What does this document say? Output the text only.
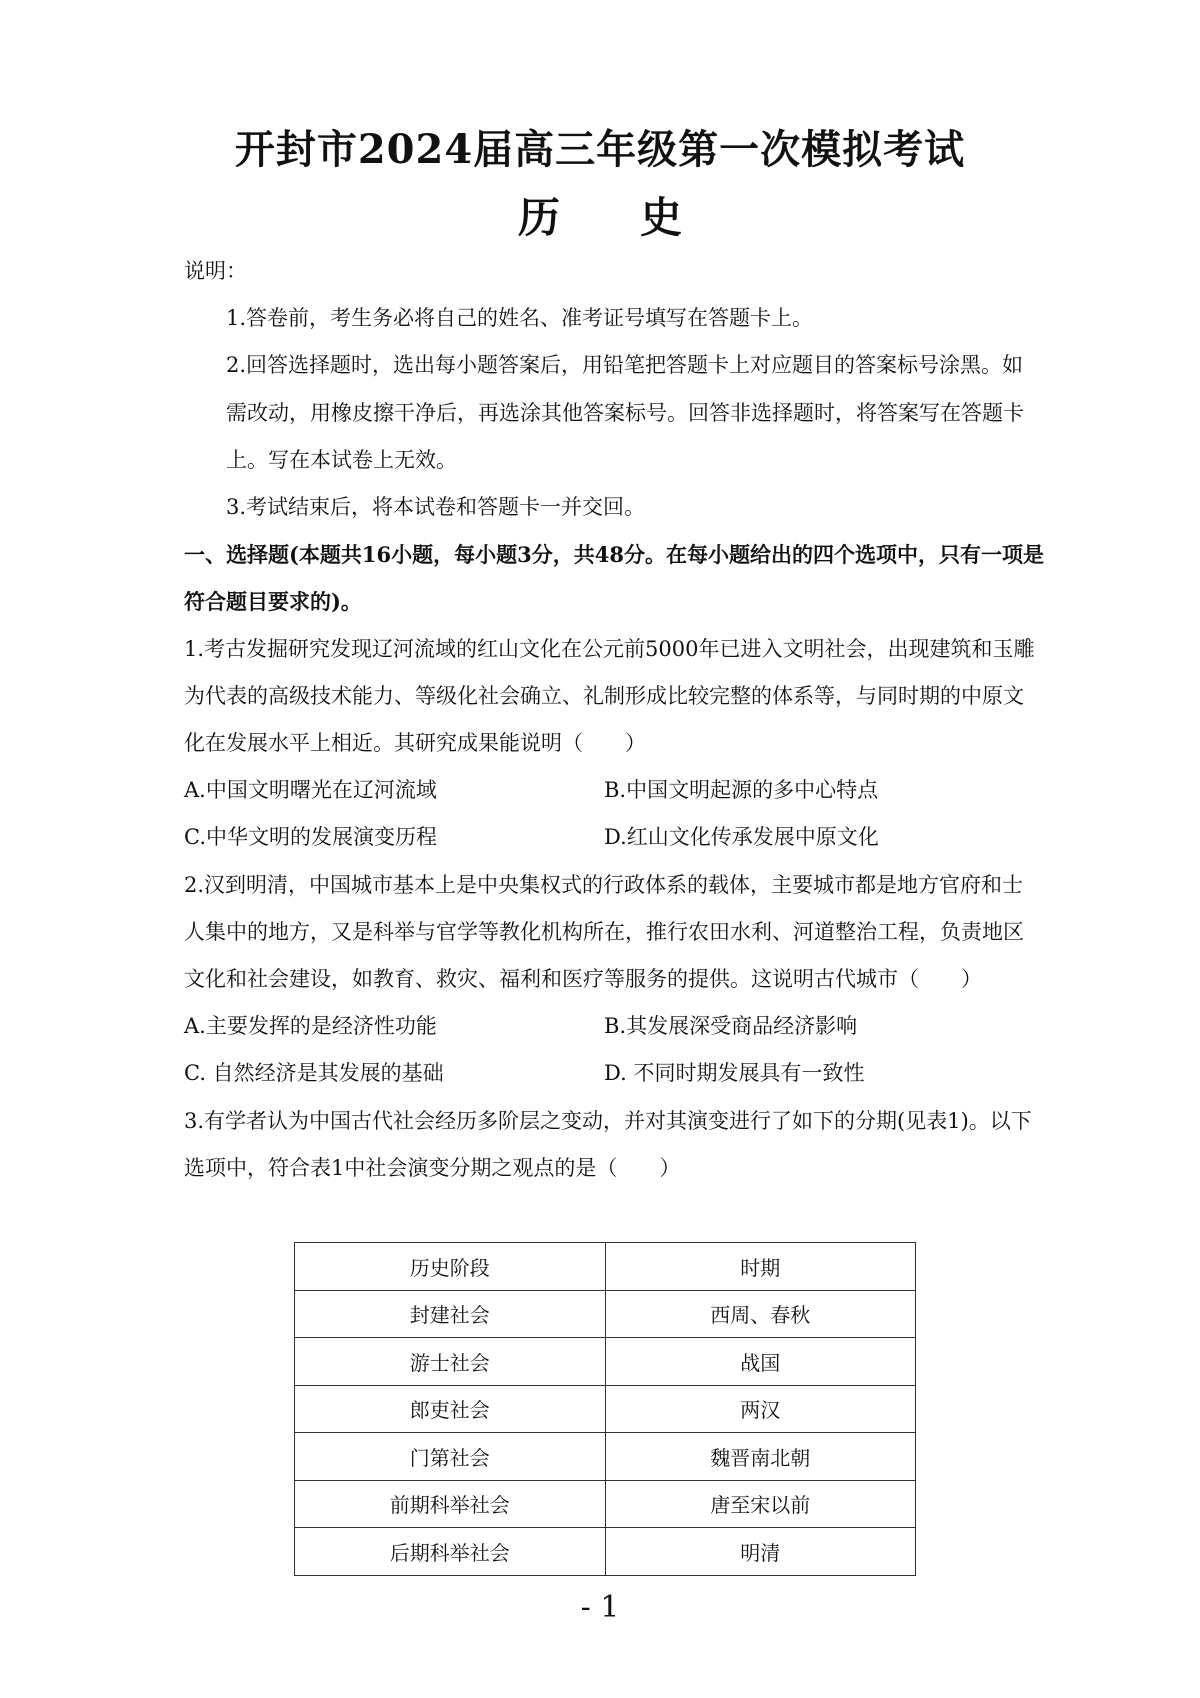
开封市2024届高三年级第一次模拟考试
历 史

说明：

1.答卷前，考生务必将自己的姓名、准考证号填写在答题卡上。

2.回答选择题时，选出每小题答案后，用铅笔把答题卡上对应题目的答案标号涂黑。如需改动，用橡皮擦干净后，再选涂其他答案标号。回答非选择题时，将答案写在答题卡上。写在本试卷上无效。

3.考试结束后，将本试卷和答题卡一并交回。

一、选择题(本题共16小题，每小题3分，共48分。在每小题给出的四个选项中，只有一项是符合题目要求的)。

1.考古发掘研究发现辽河流域的红山文化在公元前5000年已进入文明社会，出现建筑和玉雕为代表的高级技术能力、等级化社会确立、礼制形成比较完整的体系等，与同时期的中原文化在发展水平上相近。其研究成果能说明（　　）

A.中国文明曙光在辽河流域	B.中国文明起源的多中心特点
C.中华文明的发展演变历程	D.红山文化传承发展中原文化

2.汉到明清，中国城市基本上是中央集权式的行政体系的载体，主要城市都是地方官府和士人集中的地方，又是科举与官学等教化机构所在，推行农田水利、河道整治工程，负责地区文化和社会建设，如教育、救灾、福利和医疗等服务的提供。这说明古代城市（　　）

A.主要发挥的是经济性功能	B.其发展深受商品经济影响
C. 自然经济是其发展的基础	D. 不同时期发展具有一致性

3.有学者认为中国古代社会经历多阶层之变动，并对其演变进行了如下的分期(见表1)。以下选项中，符合表1中社会演变分期之观点的是（　　）

历史阶段	时期
封建社会	西周、春秋
游士社会	战国
郎吏社会	两汉
门第社会	魏晋南北朝
前期科举社会	唐至宋以前
后期科举社会	明清
- 1
